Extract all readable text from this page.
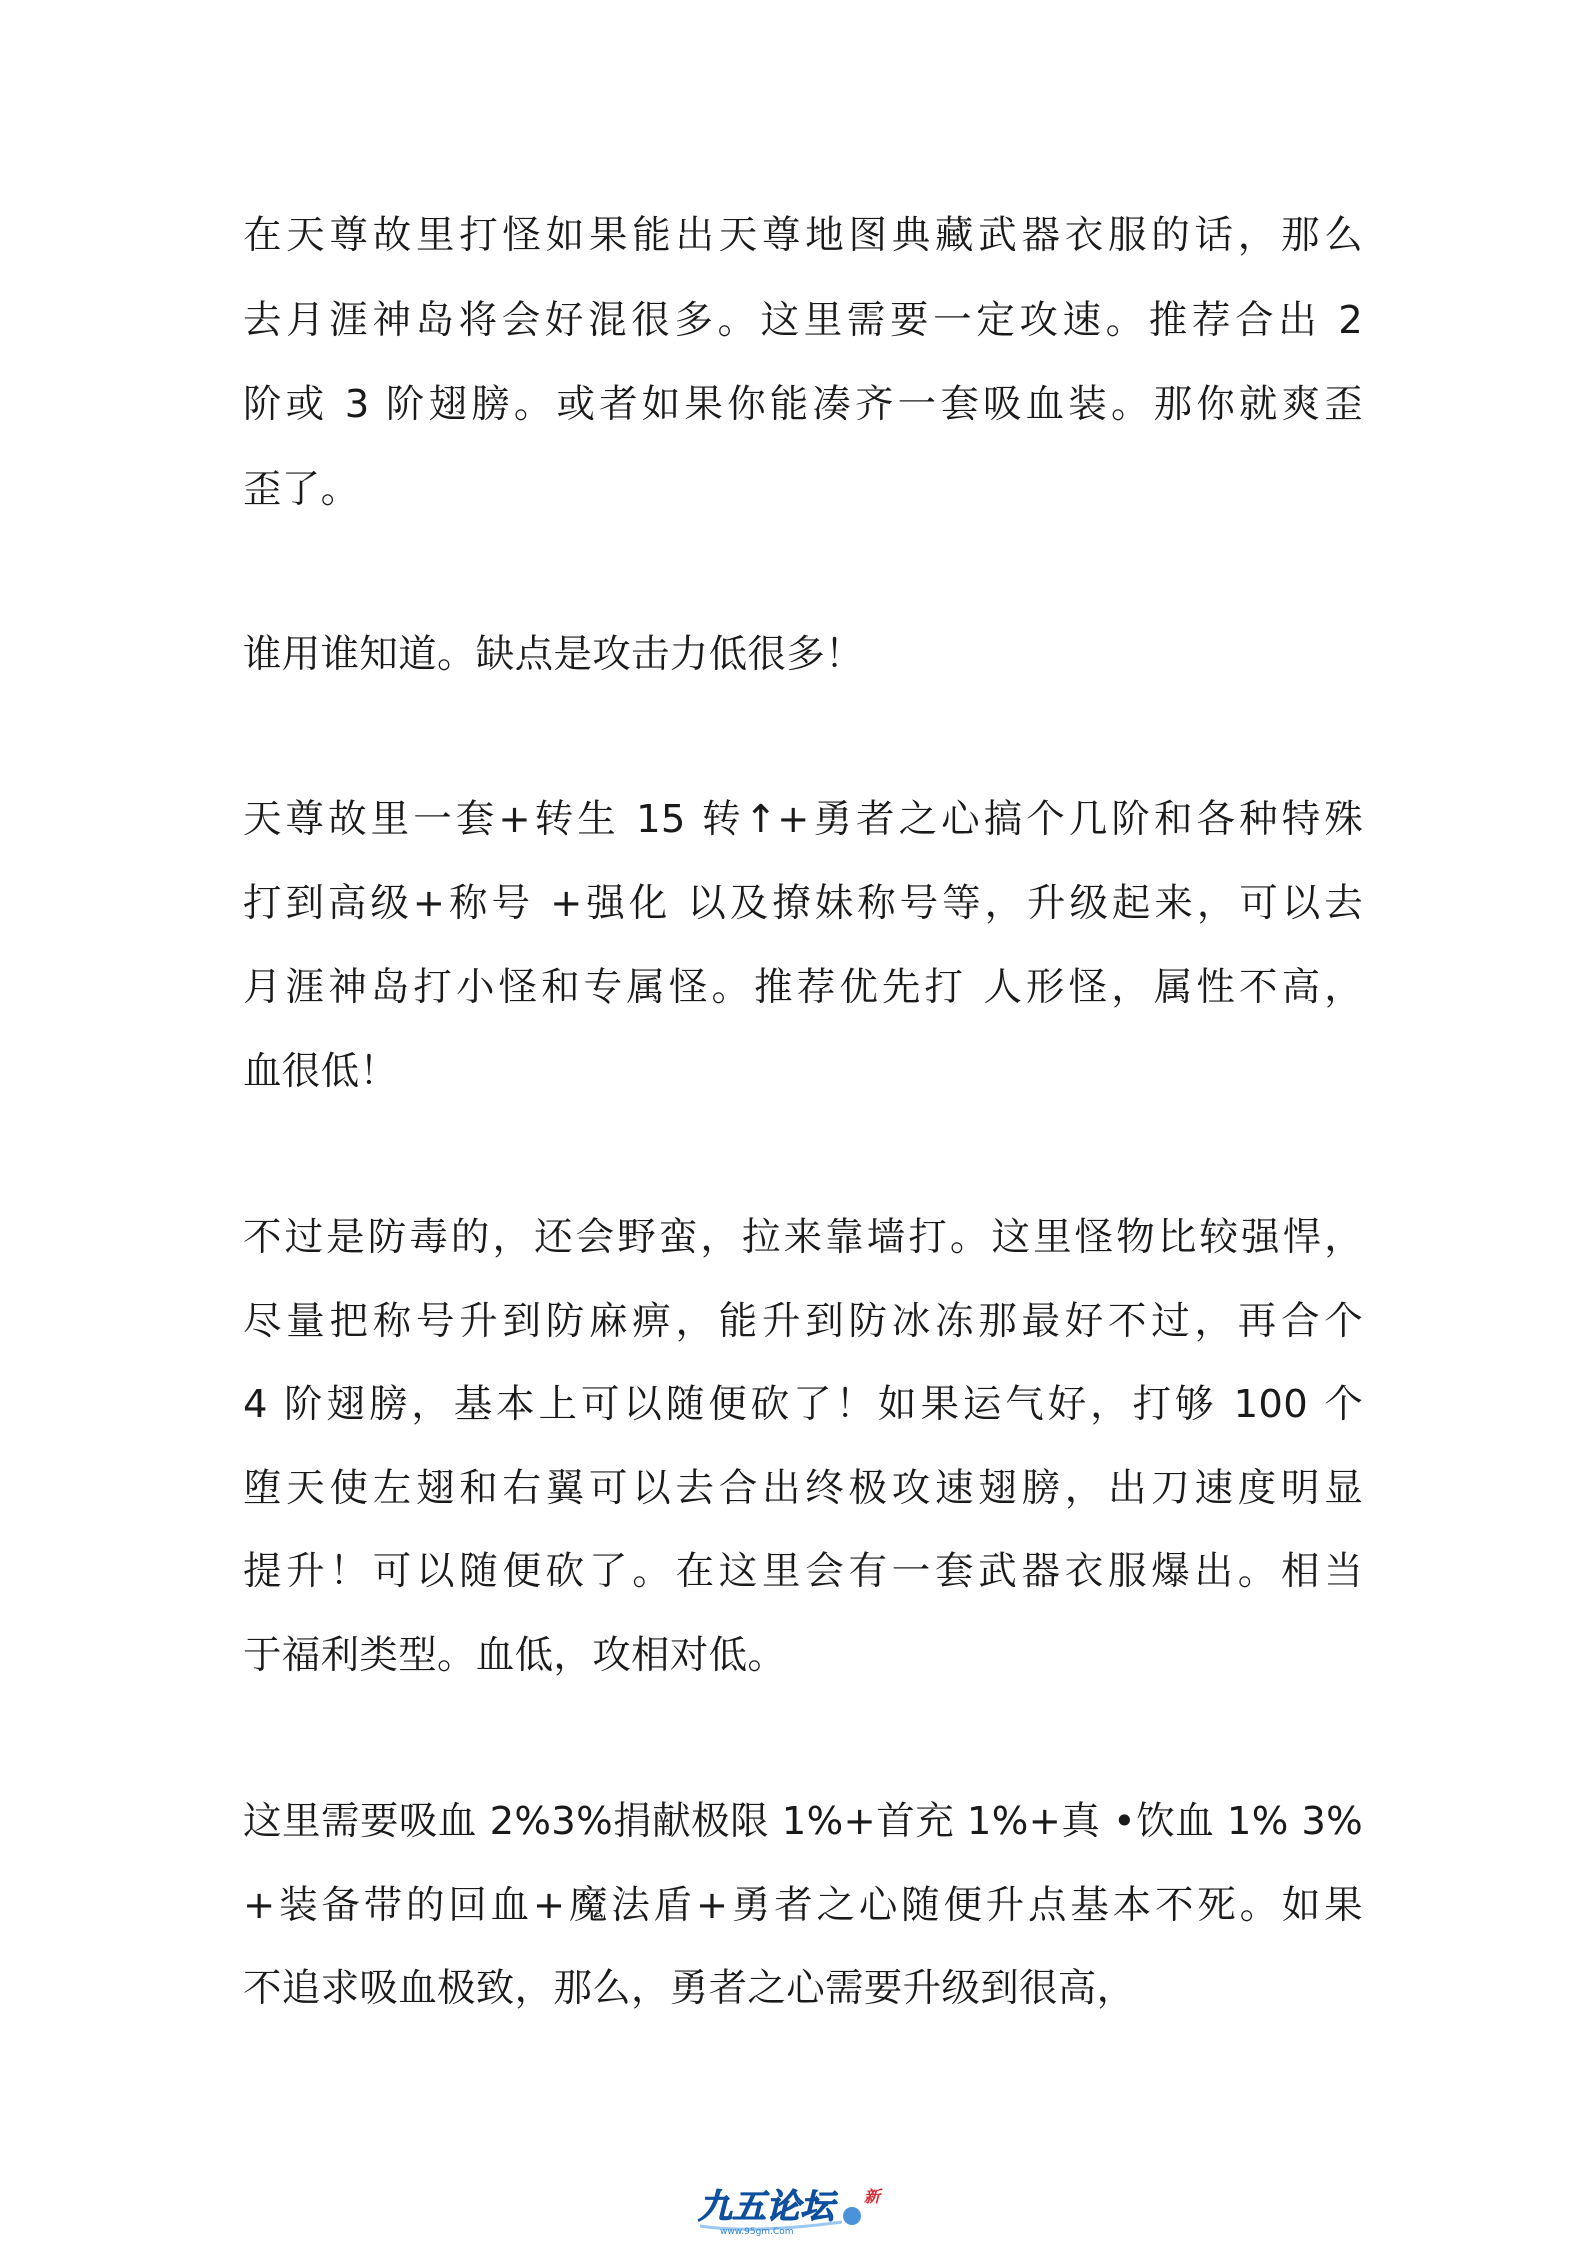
在天尊故里打怪如果能出天尊地图典藏武器衣服的话，那么
去月涯神岛将会好混很多。这里需要一定攻速。推荐合出 2
阶或 3 阶翅膀。或者如果你能凑齐一套吸血装。那你就爽歪
歪了。
谁用谁知道。缺点是攻击力低很多！
天尊故里一套+转生 15 转↑+勇者之心搞个几阶和各种特殊
打到高级+称号 +强化 以及撩妹称号等，升级起来，可以去
月涯神岛打小怪和专属怪。推荐优先打 人形怪，属性不高，
血很低！
不过是防毒的，还会野蛮，拉来靠墙打。这里怪物比较强悍，
尽量把称号升到防麻痹，能升到防冰冻那最好不过，再合个
4 阶翅膀，基本上可以随便砍了！如果运气好，打够 100 个
堕天使左翅和右翼可以去合出终极攻速翅膀，出刀速度明显
提升！可以随便砍了。在这里会有一套武器衣服爆出。相当
于福利类型。血低，攻相对低。
这里需要吸血 2%3%捐献极限 1%+首充 1%+真 •饮血 1% 3%
+装备带的回血+魔法盾+勇者之心随便升点基本不死。如果
不追求吸血极致，那么，勇者之心需要升级到很高，
九五论坛 新
www.95gm.Com
